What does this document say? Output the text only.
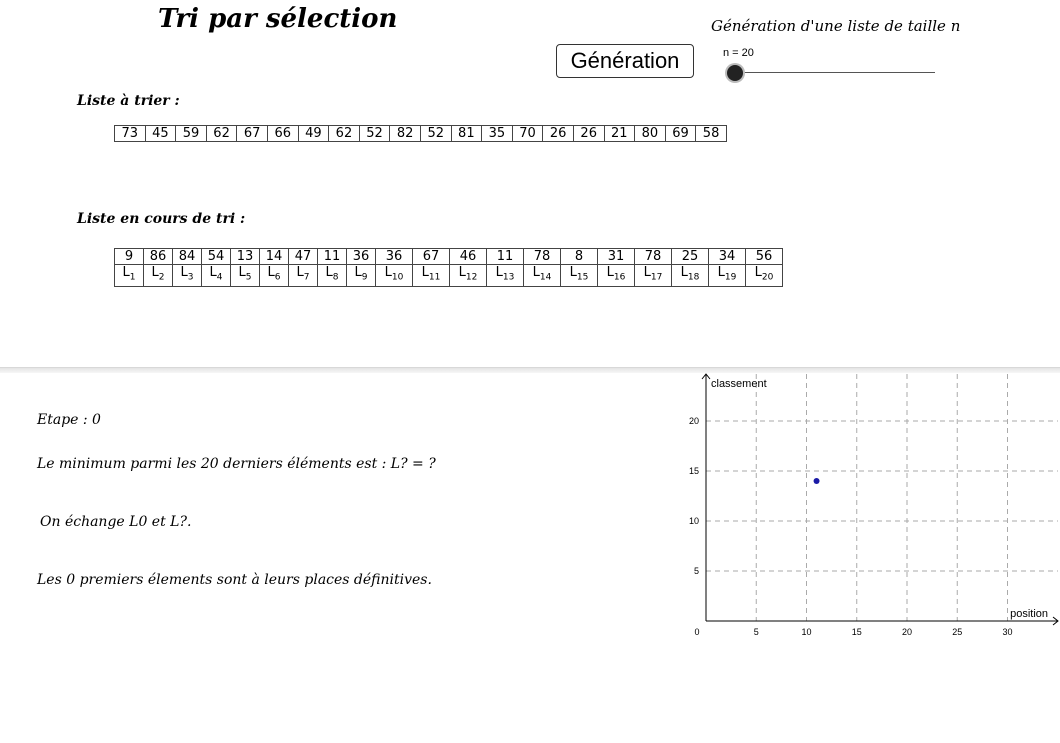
Tri par sélection	Génération d'une liste de taille n
Génération	n = 20
Liste à trier :
73	45	59	62	67	66	49	62	52	82	52	81	35	70	26	26	21	80	69	58
Liste en cours de tri :
9	86	84	54	13	14	47	11	36	36	67	46	11	78	8	31	78	25	34	56
$L_1$	$L_2$	$L_3$	$L_4$	$L_5$	$L_6$	$L_7$	$L_8$	$L_9$	$L_{10}$	$L_{11}$	$L_{12}$	$L_{13}$	$L_{14}$	$L_{15}$	$L_{16}$	$L_{17}$	$L_{18}$	$L_{19}$	$L_{20}$
Etape : 0
Le minimum parmi les 20 derniers éléments est : L? = ?
On échange L0 et L?.
Les 0 premiers élements sont à leurs places définitives.
position
classement
0	5	10	15	20	25	30
5
10
15
20
